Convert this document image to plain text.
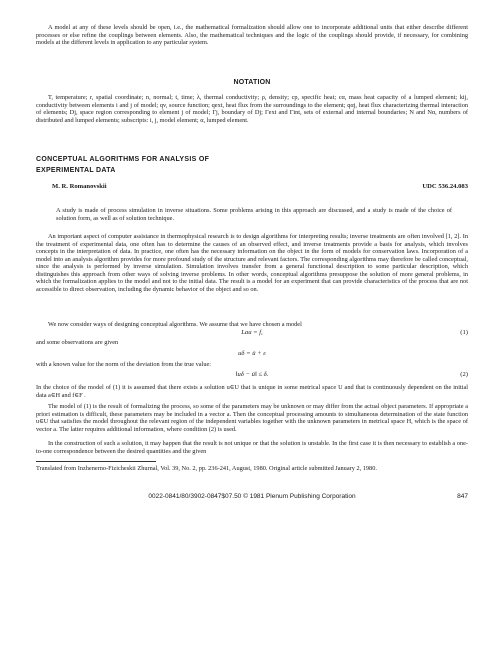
A model at any of these levels should be open, i.e., the mathematical formalization should allow one to incorporate additional units that either describe different processes or else refine the couplings between elements. Also, the mathematical techniques and the logic of the couplings should provide, if necessary, for combining models at the different levels in application to any particular system.

NOTATION

T, temperature; r, spatial coordinate; n, normal; t, time; λ, thermal conductivity; ρ, density; cp, specific heat; cα, mass heat capacity of a lumped element; kij, conductivity between elements i and j of model; qv, source function; qext, heat flux from the surroundings to the element; qαj, heat flux characterizing thermal interaction of elements; Dj, space region corresponding to element j of model; Γj, boundary of Dj; Γext and Γint, sets of external and internal boundaries; N and Nα, numbers of distributed and lumped elements; subscripts: i, j, model element; α, lumped element.

CONCEPTUAL ALGORITHMS FOR ANALYSIS OF
EXPERIMENTAL DATA
M. R. Romanovskii	UDC 536.24.083

A study is made of process simulation in inverse situations. Some problems arising in this approach are discussed, and a study is made of the choice of solution form, as well as of solution technique.

An important aspect of computer assistance in thermophysical research is to design algorithms for interpreting results; inverse treatments are often involved [1, 2]. In the treatment of experimental data, one often has to determine the causes of an observed effect, and inverse treatments provide a basis for analysis, which involves concepts in the interpretation of data. In practice, one often has the necessary information on the object in the form of models for conservation laws. Incorporation of a model into an analysis algorithm provides for more profound study of the structure and relevant factors. The corresponding algorithms may therefore be called conceptual, since the analysis is performed by inverse simulation. Simulation involves transfer from a general functional description to some particular description, which distinguishes this approach from other ways of solving inverse problems. In other words, conceptual algorithms presuppose the solution of more general problems, in which the formalization applies to the model and not to the initial data. The result is a model for an experiment that can provide characteristics of the process that are not accessible to direct observation, including the dynamic behavior of the object and so on.

We now consider ways of designing conceptual algorithms. We assume that we have chosen a model

Lau = f,	(1)

and some observations are given

uδ = ū + ε

with a known value for the norm of the deviation from the true value:

‖uδ − ū‖ ≤ δ.	(2)

In the choice of the model of (1) it is assumed that there exists a solution u∈U that is unique in some metrical space U and that is continuously dependent on the initial data a∈H and f∈F .

The model of (1) is the result of formalizing the process, so some of the parameters may be unknown or may differ from the actual object parameters. If appropriate a priori estimation is difficult, these parameters may be included in a vector a. Then the conceptual processing amounts to simultaneous determination of the state function u∈U that satisfies the model throughout the relevant region of the independent variables together with the unknown parameters in metrical space H, which is the space of vector a. The latter requires additional information, where condition (2) is used.

In the construction of such a solution, it may happen that the result is not unique or that the solution is unstable. In the first case it is then necessary to establish a one-to-one correspondence between the desired quantities and the given

Translated from Inzhenerno-Fizicheskii Zhurnal, Vol. 39, No. 2, pp. 236-241, August, 1980. Original article submitted January 2, 1980.

0022-0841/80/3902-0847$07.50 © 1981 Plenum Publishing Corporation	847
